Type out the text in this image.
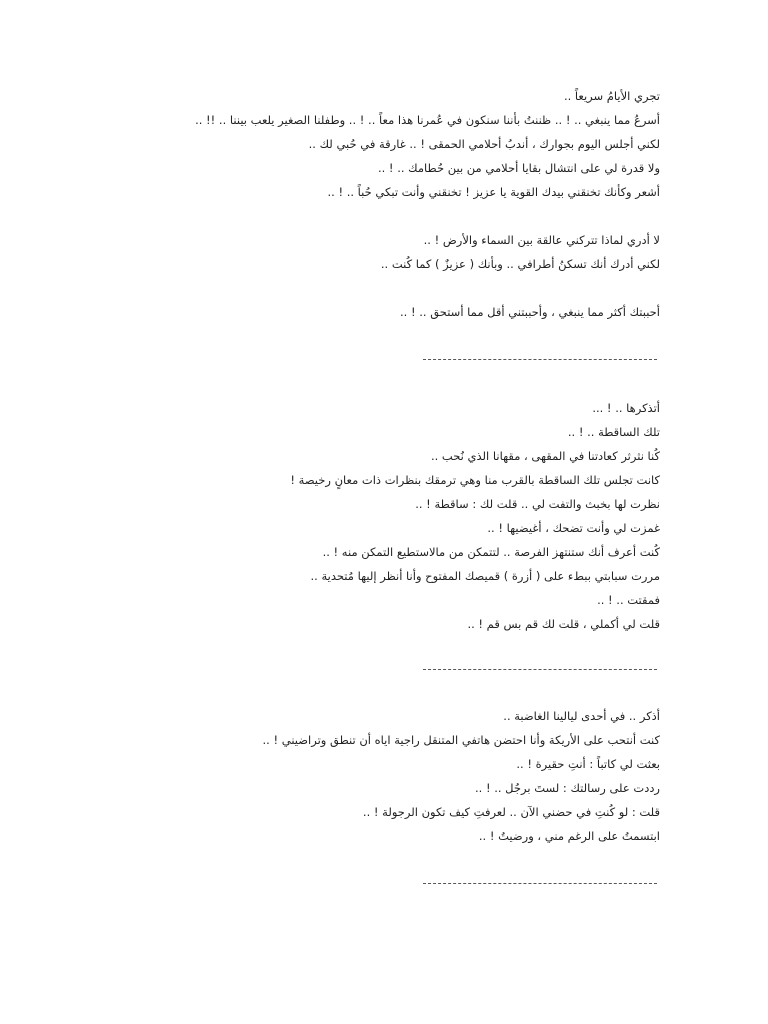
تجري الأيامُ سريعاً ..
أسرعُ مما ينبغي .. ! .. ظننتُ بأننا سنكون في عُمرنا هذا معاً .. ! .. وطفلنا الصغير يلعب بيننا .. !! ..
لكني أجلس اليوم بجوارك ، أندبُ أحلامي الحمقى ! .. غارقة في حُبي لك ..
ولا قدرة لي على انتشال بقايا أحلامي من بين حُطامك .. ! ..
أشعر وكأنك تخنقني بيدك القوية يا عزيز ! تخنقني وأنت تبكي حُباً .. ! ..
لا أدري لماذا تتركني عالقة بين السماء والأرض ! ..
لكني أدرك أنك تسكنُ أطرافي .. وبأنك ( عزيزٌ ) كما كُنت ..
أحببتك أكثر مما ينبغي ، وأحببتني أقل مما أستحق .. ! ..
أتذكرها .. ! ...
تلك الساقطة .. ! ..
كُنا نثرثر كعادتنا في المقهى ، مقهانا الذي نُحب ..
كانت تجلس تلك الساقطة بالقرب منا وهي ترمقك بنظرات ذات معانٍ رخيصة !
نظرت لها بخبث والتفت لي .. قلت لك : ساقطة ! ..
غمزت لي وأنت تضحك ، أغيضيها ! ..
كُنت أعرف أنك ستنتهز الفرصة .. لتتمكن من مالاستطيع التمكن منه ! ..
مررت سبابتي ببطء على ( أزرة ) قميصك المفتوح وأنا أنظر إليها مُتحدية ..
فمقتت .. ! ..
قلت لي أكملي ، قلت لك قم بس قم ! ..
أذكر .. في أحدى ليالينا الغاضبة ..
كنت أنتحب على الأريكة وأنا احتضن هاتفي المتنقل راجية اياه أن تنطق وتراضيني ! ..
بعثت لي كاتباً : أنتِ حقيرة ! ..
رددت على رسالتك : لستَ برجُل .. ! ..
قلت : لو كُنتِ في حضني الآن .. لعرفتِ كيف تكون الرجولة ! ..
ابتسمتُ على الرغم مني ، ورضيتُ ! ..
